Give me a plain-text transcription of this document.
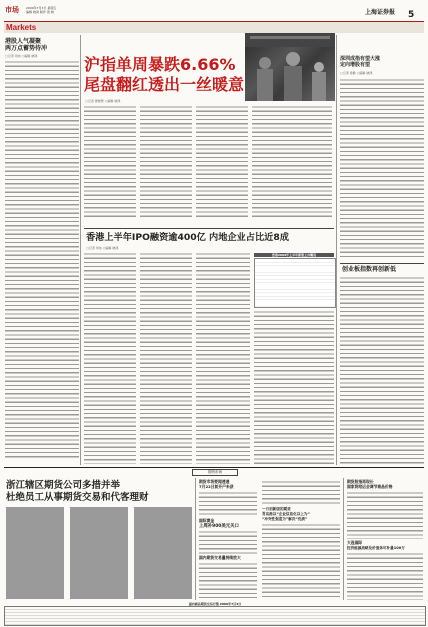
市场 2009年7月3日 星期五
编辑 晓鸿 制作 周 晓	上海证券报 5
Markets
港股人气凝聚
两万点蓄势待冲
□记者 刘伟 ○编辑 晓鸿	沪指单周暴跌6.66%
尾盘翻红透出一丝暖意
□记者 惠晓慧 ○编辑 晓鸿
深圳成指有望大涨
定向增股有望
□记者 徐勤 ○编辑 晓鸿
香港上半年IPO融资逾400亿 内地企业占比近8成
□记者 刘伟 ○编辑 晓鸿
香港2009年上半年新股上市概况
创业板指数再创新低
期货市场
浙江辖区期货公司多措并举
杜绝员工从事期货交易和代客理财
期货市场要闻速递
7月22日前开户未获
国际黄金
上周补900美元关口
国内期货交易量持续放大
一月初新版的期货
青岛港以“企业信息化以上为“
“冲突性强度为”解决“优质”
期货股指再现长
国家将给运会调节商品价格
大连国际
经济能源战略及价值体可补量100万
国内商品期货交易行情 2009年7月3日
